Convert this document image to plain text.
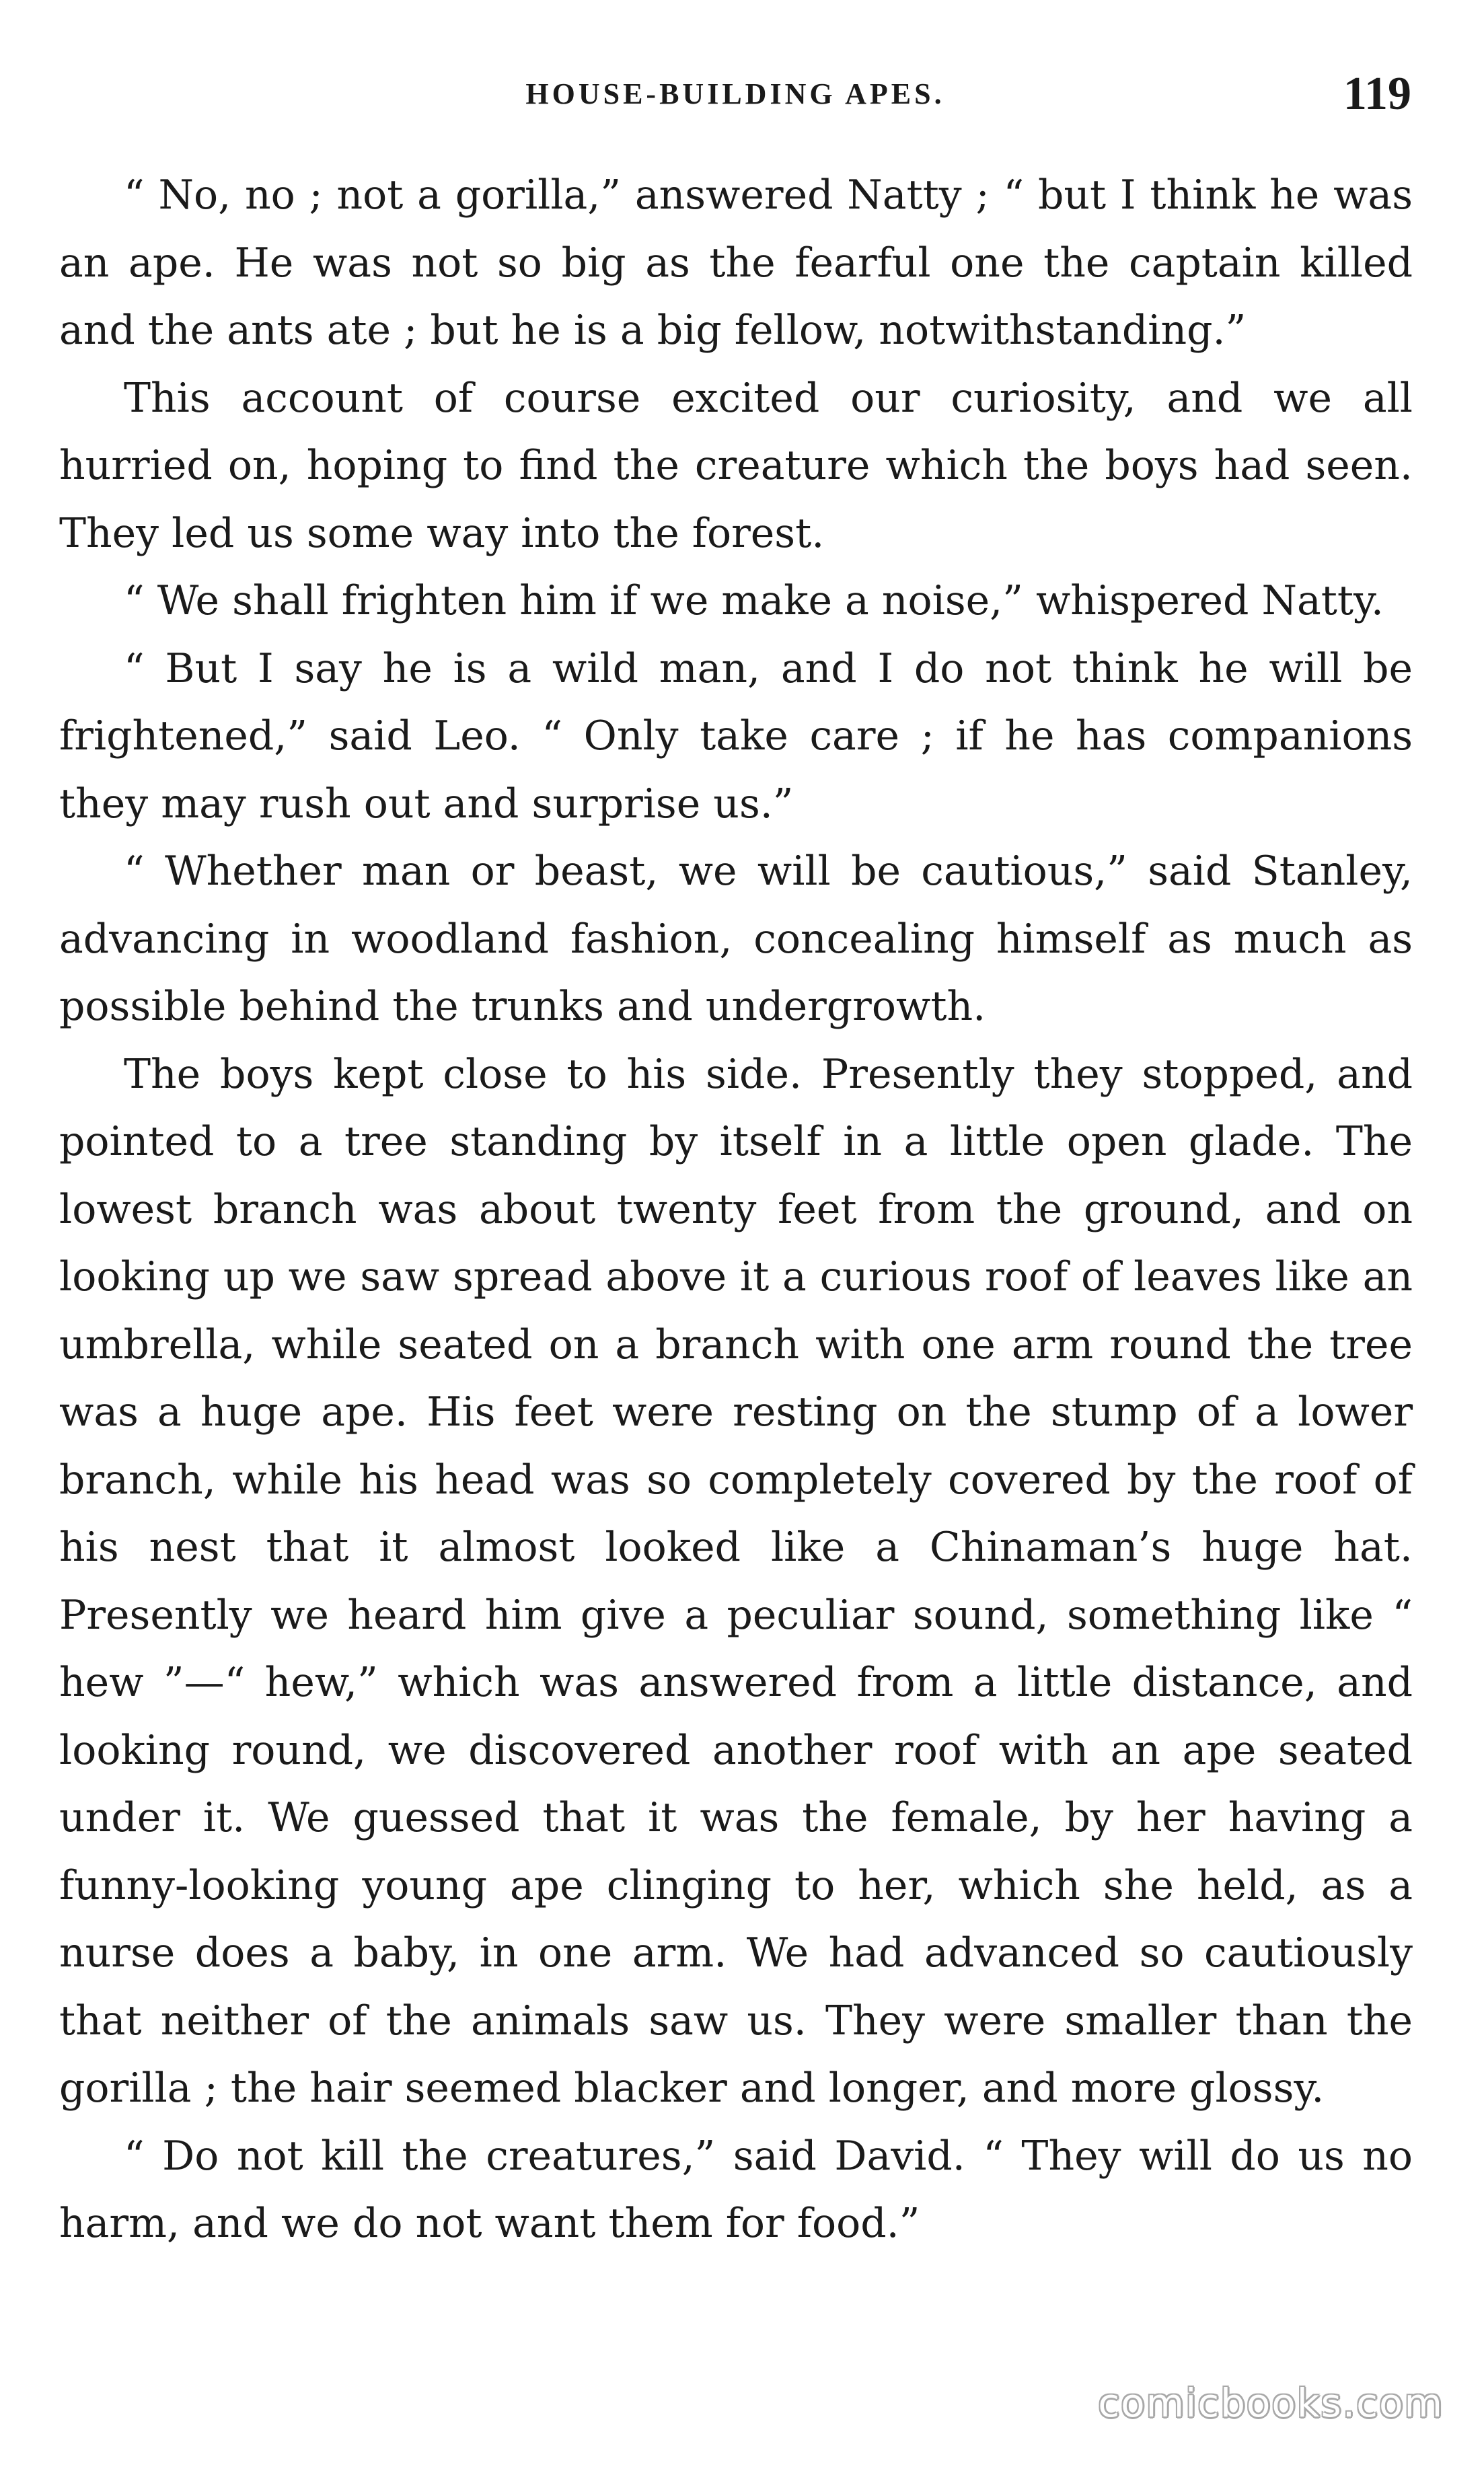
HOUSE-BUILDING APES.	119

“ No, no ; not a gorilla,” answered Natty ; “ but I think he was an ape. He was not so big as the fearful one the captain killed and the ants ate ; but he is a big fellow, notwithstanding.”

This account of course excited our curiosity, and we all hurried on, hoping to find the creature which the boys had seen. They led us some way into the forest.

“ We shall frighten him if we make a noise,” whispered Natty.

“ But I say he is a wild man, and I do not think he will be frightened,” said Leo. “ Only take care ; if he has companions they may rush out and surprise us.”

“ Whether man or beast, we will be cautious,” said Stanley, advancing in woodland fashion, concealing himself as much as possible behind the trunks and undergrowth.

The boys kept close to his side. Presently they stopped, and pointed to a tree standing by itself in a little open glade. The lowest branch was about twenty feet from the ground, and on looking up we saw spread above it a curious roof of leaves like an umbrella, while seated on a branch with one arm round the tree was a huge ape. His feet were resting on the stump of a lower branch, while his head was so completely covered by the roof of his nest that it almost looked like a Chinaman’s huge hat. Presently we heard him give a peculiar sound, something like “ hew ”—“ hew,” which was answered from a little distance, and looking round, we discovered another roof with an ape seated under it. We guessed that it was the female, by her having a funny-looking young ape clinging to her, which she held, as a nurse does a baby, in one arm. We had advanced so cautiously that neither of the animals saw us. They were smaller than the gorilla ; the hair seemed blacker and longer, and more glossy.

“ Do not kill the creatures,” said David. “ They will do us no harm, and we do not want them for food.”

comicbooks.com
